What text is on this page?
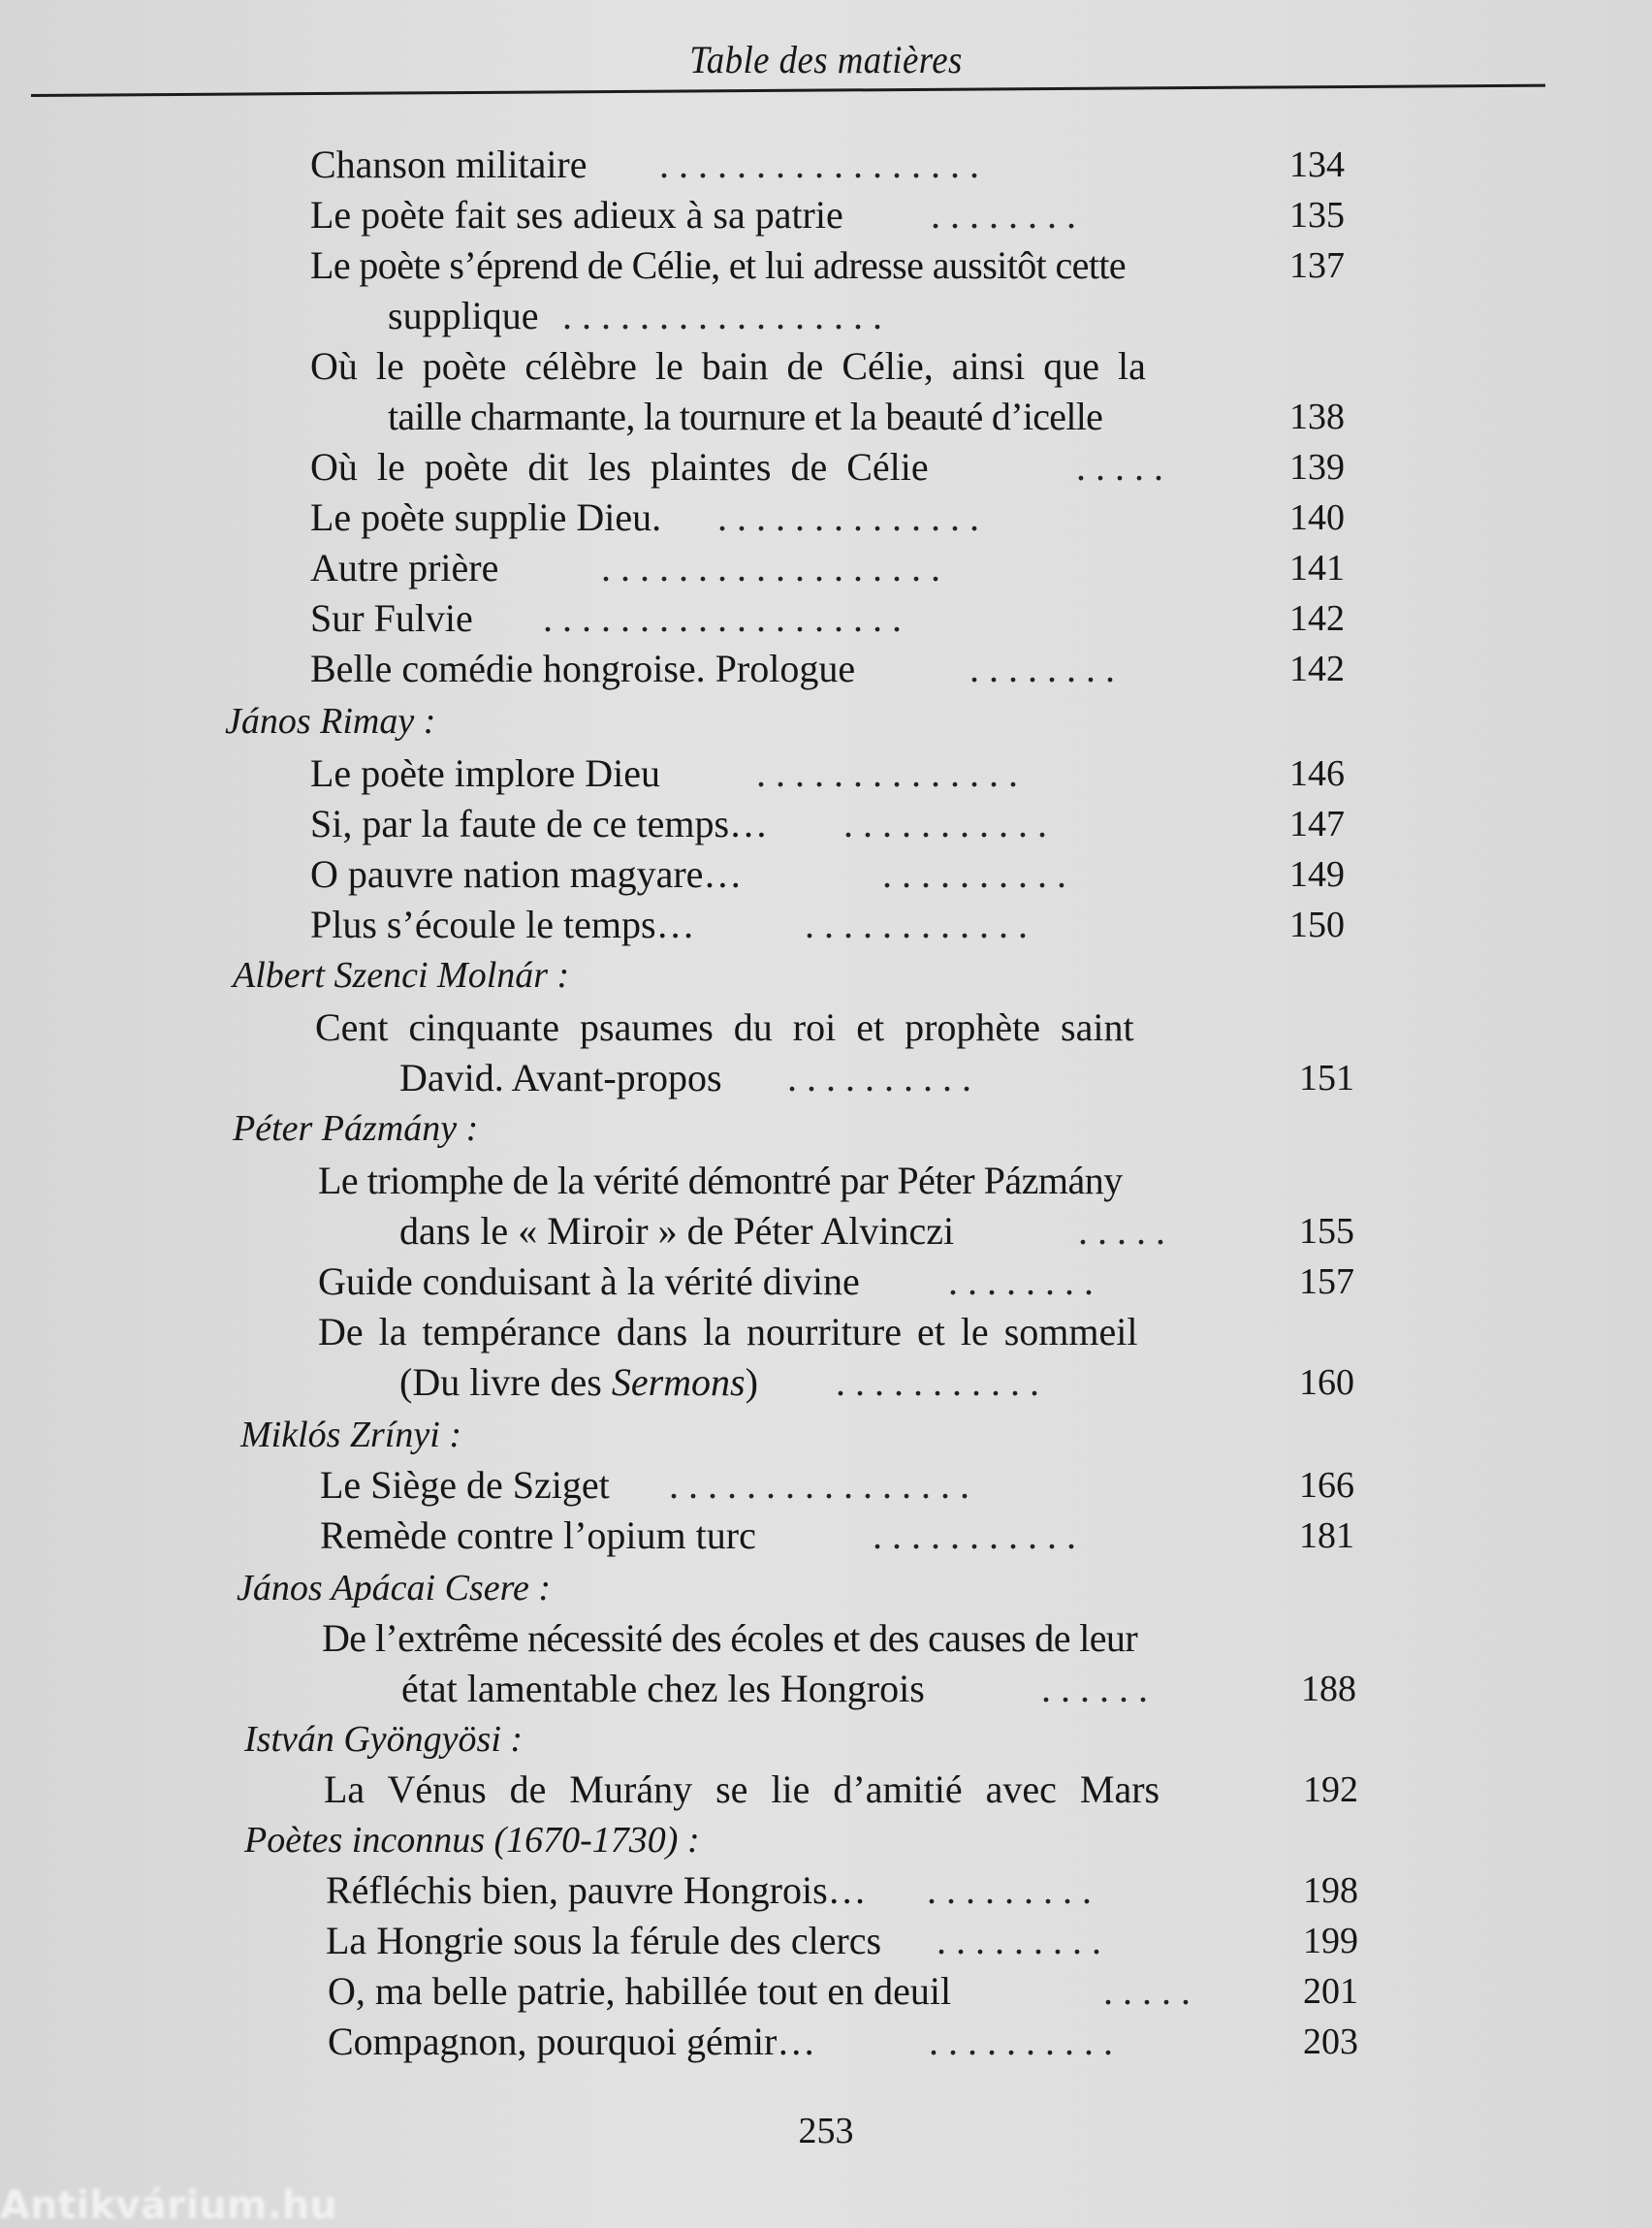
Table des matières
Chanson militaire . . . . . . . . . . . . . . . . .	134
Le poète fait ses adieux à sa patrie . . . . . . . .	135
Le poète s’éprend de Célie, et lui adresse aussitôt cette	137
supplique . . . . . . . . . . . . . . . . .
Où le poète célèbre le bain de Célie, ainsi que la
taille charmante, la tournure et la beauté d’icelle	138
Où le poète dit les plaintes de Célie	. . . . .	139
Le poète supplie Dieu. . . . . . . . . . . . . . .	140
Autre prière	. . . . . . . . . . . . . . . . . .	141
Sur Fulvie . . . . . . . . . . . . . . . . . . .	142
Belle comédie hongroise. Prologue	. . . . . . . .	142
János Rimay :
Le poète implore Dieu . . . . . . . . . . . . . .	146
Si, par la faute de ce temps… . . . . . . . . . . .	147
O pauvre nation magyare…	. . . . . . . . . .	149
Plus s’écoule le temps…	. . . . . . . . . . . .	150
Albert Szenci Molnár :
Cent cinquante psaumes du roi et prophète saint
David. Avant-propos . . . . . . . . . .	151
Péter Pázmány :
Le triomphe de la vérité démontré par Péter Pázmány
dans le « Miroir » de Péter Alvinczi	. . . . .	155
Guide conduisant à la vérité divine . . . . . . . .	157
De la tempérance dans la nourriture et le sommeil
(Du livre des Sermons) . . . . . . . . . . .	160
Miklós Zrínyi :
Le Siège de Sziget . . . . . . . . . . . . . . . .	166
Remède contre l’opium turc	. . . . . . . . . . .	181
János Apácai Csere :
De l’extrême nécessité des écoles et des causes de leur
état lamentable chez les Hongrois	. . . . . .	188
István Gyöngyösi :
La Vénus de Murány se lie d’amitié avec Mars	192
Poètes inconnus (1670-1730) :
Réfléchis bien, pauvre Hongrois… . . . . . . . . .	198
La Hongrie sous la férule des clercs . . . . . . . . .	199
O, ma belle patrie, habillée tout en deuil	. . . . .	201
Compagnon, pourquoi gémir…	. . . . . . . . . .	203
253
Antikvárium.hu
